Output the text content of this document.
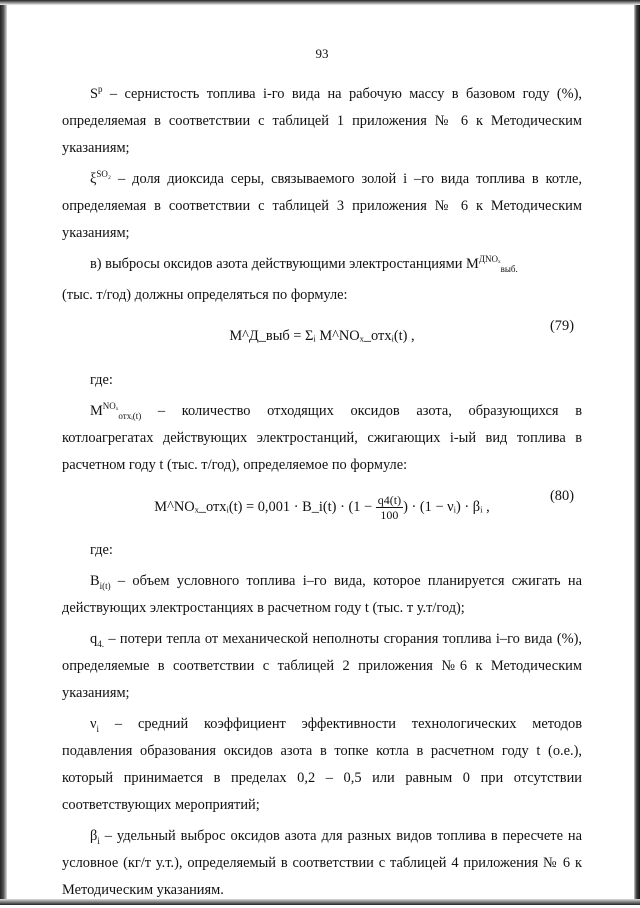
93

$S^p$ – сернистость топлива i-го вида на рабочую массу в базовом году (%), определяемая в соответствии с таблицей 1 приложения № 6 к Методическим указаниям;

$\xi^{SO_2}$ – доля диоксида серы, связываемого золой i –го вида топлива в котле, определяемая в соответствии с таблицей 3 приложения № 6 к Методическим указаниям;

в) выбросы оксидов азота действующими электростанциями $M^{ДNO_x}_{выб.}$

(тыс. т/год) должны определяться по формуле:

M^Д_выб = Σᵢ M^NOₓ_отхᵢ(t) ,
(79)

где:

$M^{NO_x}_{отхᵢ(t)}$ – количество отходящих оксидов азота, образующихся в котлоагрегатах действующих электростанций, сжигающих i-ый вид топлива в расчетном году t (тыс. т/год), определяемое по формуле:

M^NOₓ_отхᵢ(t) = 0,001 · B_i(t) · ($1 - \frac{q4(t)}{100}$ ) · (1 − νᵢ) · βᵢ ,
(80)

где:

$B_{i(t)}$ – объем условного топлива i–го вида, которое планируется сжигать на действующих электростанциях в расчетном году t (тыс. т у.т/год);

$q_{4.}$ – потери тепла от механической неполноты сгорания топлива i–го вида (%), определяемые в соответствии с таблицей 2 приложения №6 к Методическим указаниям;

$\nu_i$ – средний коэффициент эффективности технологических методов подавления образования оксидов азота в топке котла в расчетном году t (о.е.), который принимается в пределах 0,2 – 0,5 или равным 0 при отсутствии соответствующих мероприятий;

$\beta_i$ – удельный выброс оксидов азота для разных видов топлива в пересчете на условное (кг/т у.т.), определяемый в соответствии с таблицей 4 приложения № 6 к Методическим указаниям.
